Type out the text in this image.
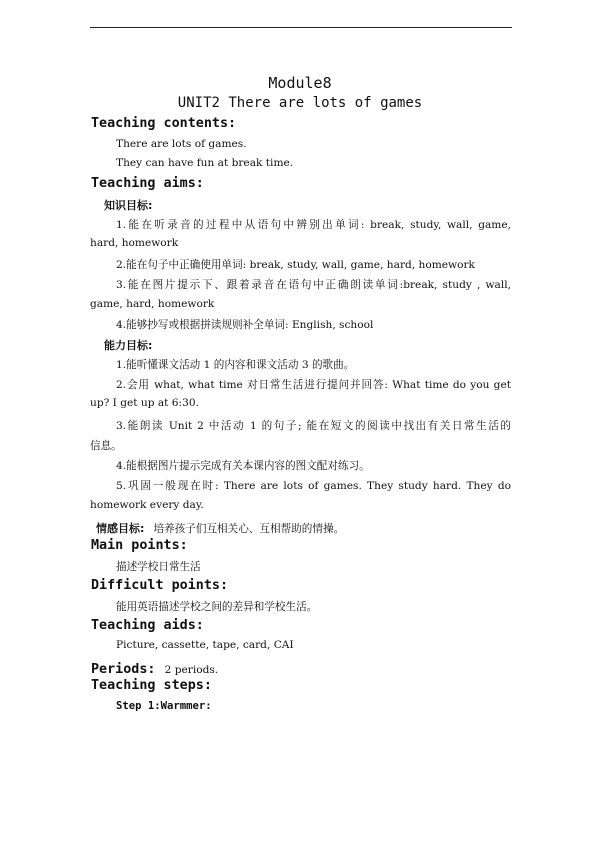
Module8
UNIT2 There are lots of games
Teaching contents:
There are lots of games.
They can have fun at break time.
Teaching aims:
知识目标:
1.能在听录音的过程中从语句中辨别出单词: break, study, wall, game,
hard, homework
2.能在句子中正确使用单词: break, study, wall, game, hard, homework
3.能在图片提示下、跟着录音在语句中正确朗读单词:break, study , wall,
game, hard, homework
4.能够抄写或根据拼读规则补全单词: English, school
能力目标:
1.能听懂课文活动 1 的内容和课文活动 3 的歌曲。
2.会用 what, what time 对日常生活进行提问并回答: What time do you get
up? I get up at 6:30.
3.能朗读 Unit 2 中活动 1 的句子; 能在短文的阅读中找出有关日常生活的
信息。
4.能根据图片提示完成有关本课内容的图文配对练习。
5.巩固一般现在时: There are lots of games. They study hard. They do
homework every day.
情感目标: 培养孩子们互相关心、互相帮助的情操。
Main points:
描述学校日常生活
Difficult points:
能用英语描述学校之间的差异和学校生活。
Teaching aids:
Picture, cassette, tape, card, CAI
Periods: 2 periods.
Teaching steps:
Step 1:Warmmer:
